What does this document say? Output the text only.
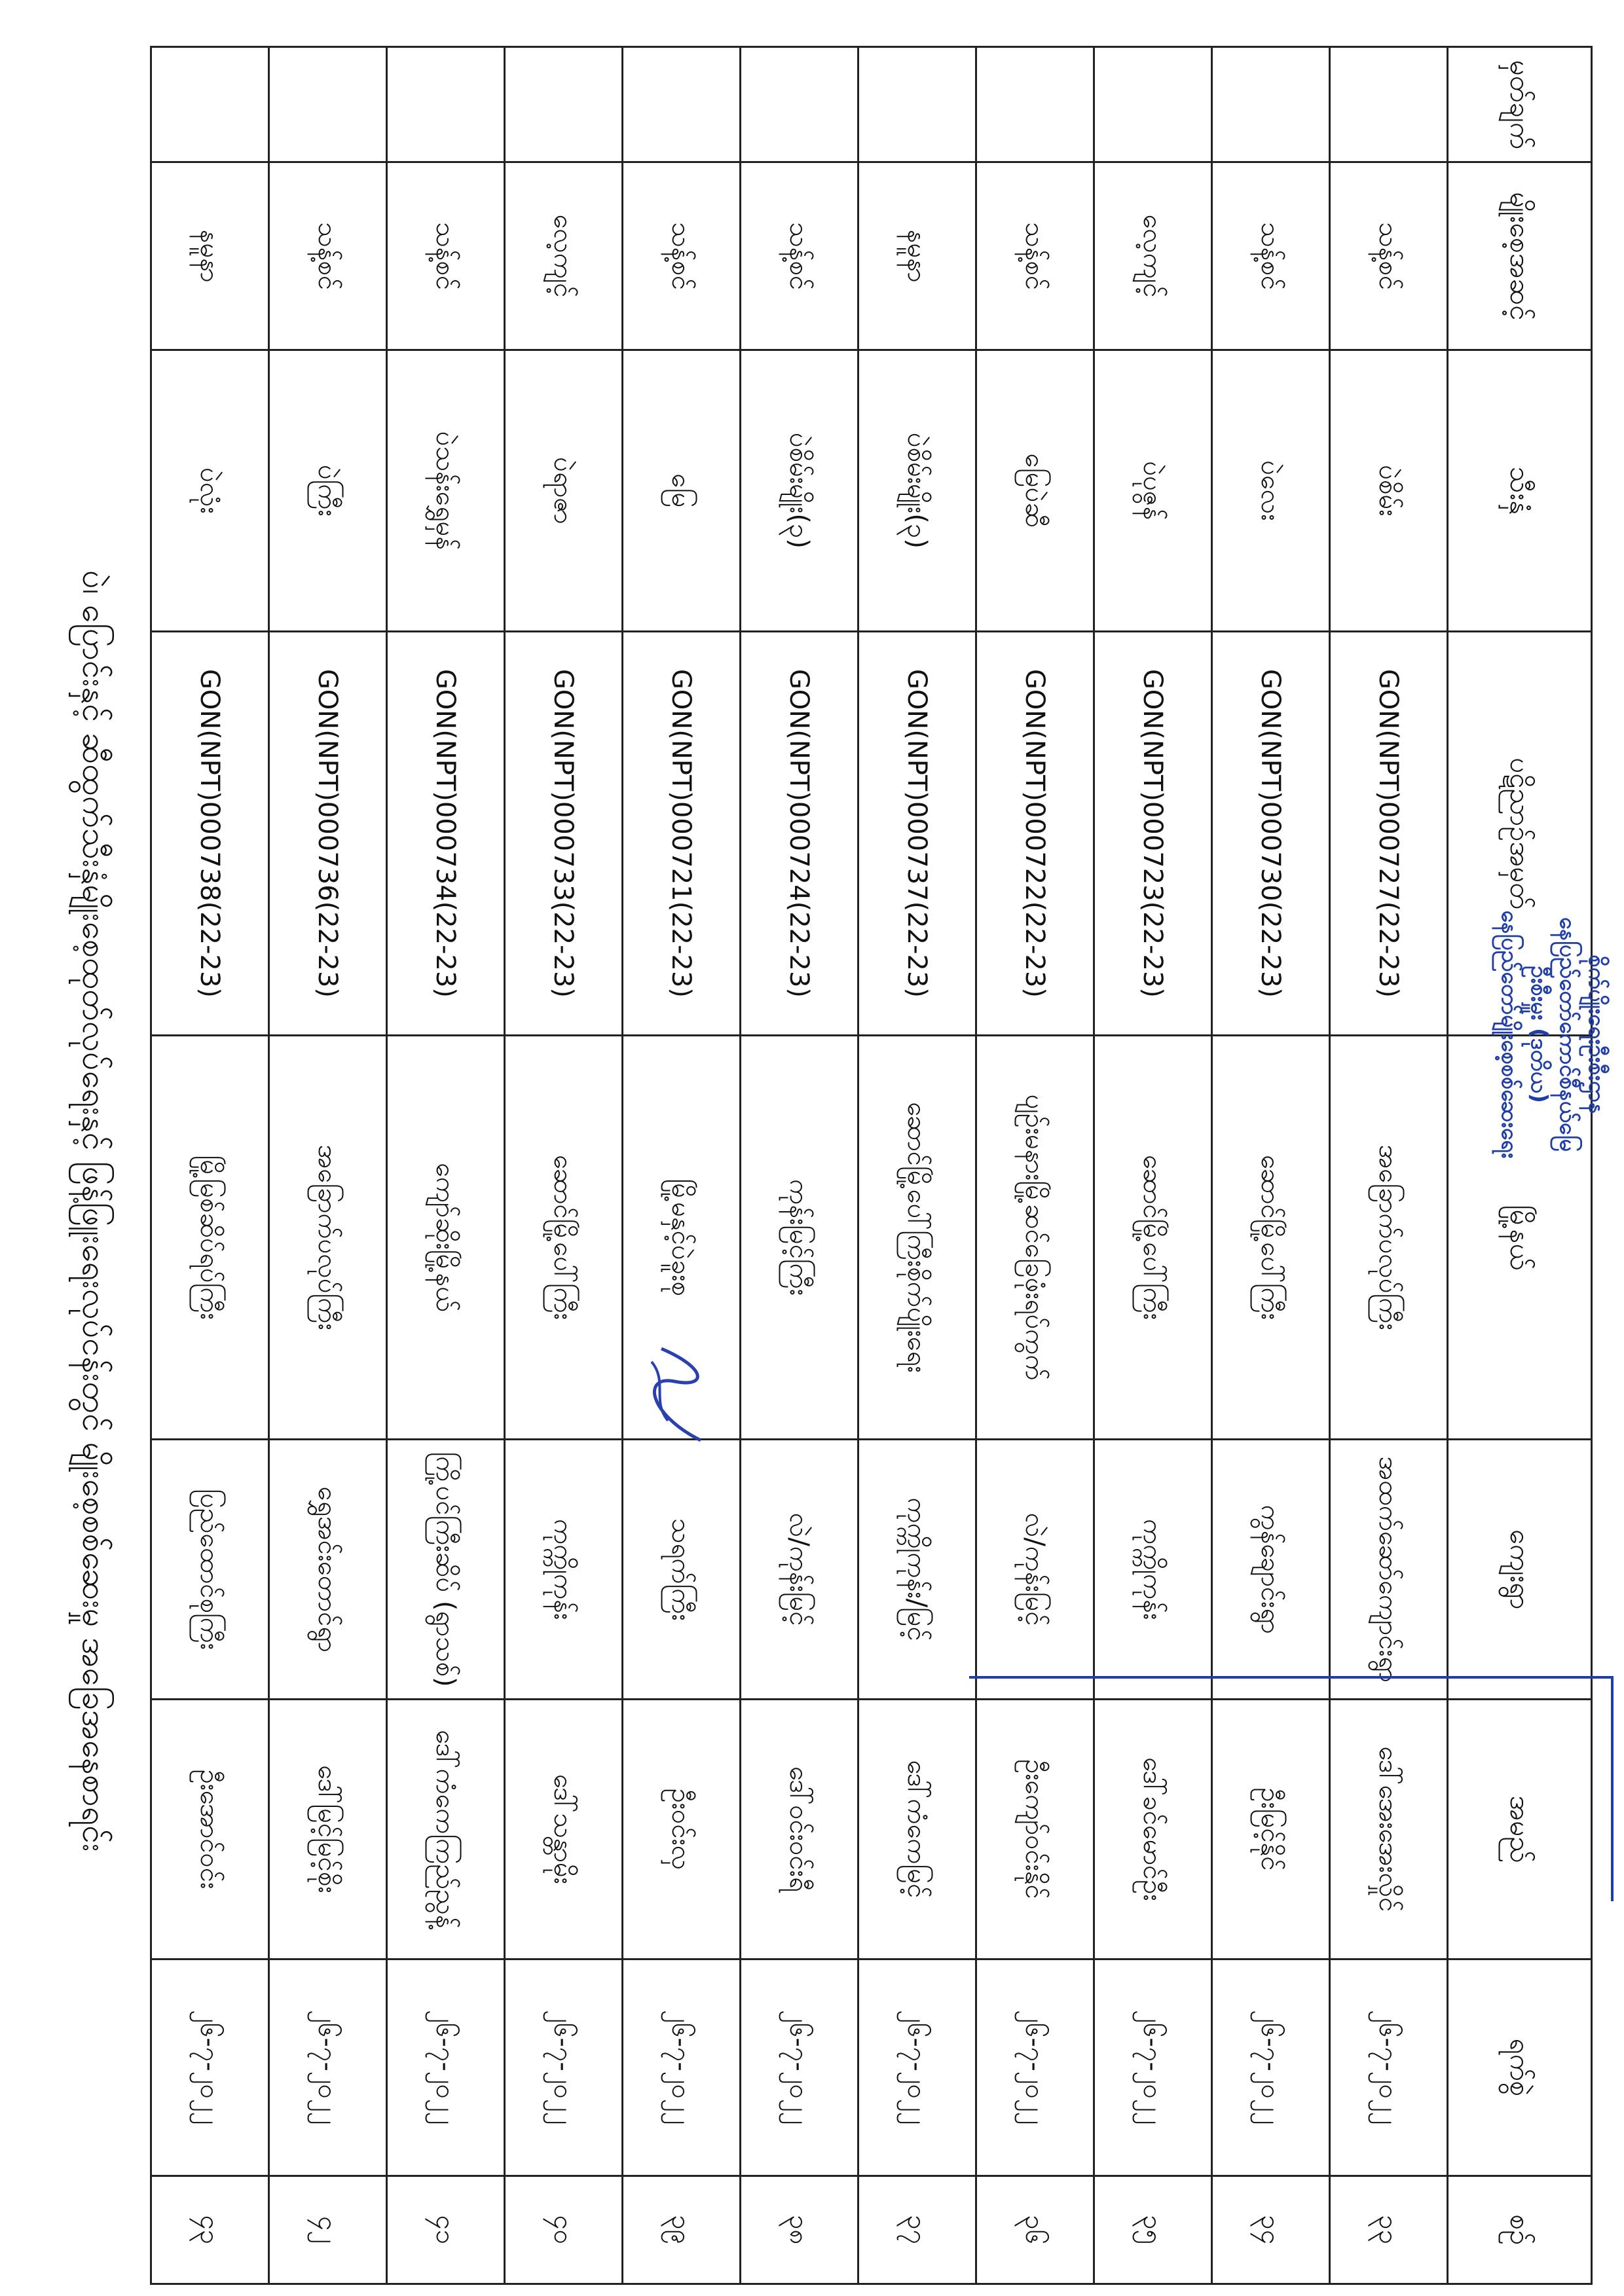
ပဲ၊ ပြောင်းနှင့် ဆီထွက်သီးနှံမျိုးစေ့ထုတ်လုပ်ရေးနှင့် ဖြန့်ဖြူးရေးလုပ်ငန်းတွင် မျိုးစေ့စစ်ဆေးမှု အခြေအနေစာရင်း
မှတ်ချက်	မျိုးစေ့အဆင့်	သီးနှံ	ပဋိညာဉ်အမှတ်	မြို့နယ်	ကျေးရွာ	အမည်	ရက်စွဲ	စဉ်
	သန့်စင်	ပဲစိမ်း	GON(NPT)000727(22-23)	အခြောက်ပလုပ်ကြီး	အထက်ဆော်ကျောင်းရွာ	ဒေါ်အေးအေးလှိုင်	၂၆-၇-၂၀၂၂	၃၃
	သန့်စင်	ပဲလေး	GON(NPT)000730(22-23)	ဆောင်မြို့ပေါ်ကြီး	ကွန်ချောင်းရွာ	ဦးမြင့်နိုင်	၂၆-၇-၂၀၂၂	၃၄
	လေ့ကျင့်	ပဲပုဇွန်	GON(NPT)000723(22-23)	ဆောင်မြို့ပေါ်ကြီး	ကုက္ကိုကုန်း	ဒေါ်ခင်မောင်ဦး	၂၆-၇-၂၀၂၂	၃၅
	သန့်စင်	မြေပဲဆီ	GON(NPT)000722(22-23)	ပျဉ်းမနားမြို့ဆင်ခြေဖုံးရပ်ကွက်	လဲ/ကုန်းမြင့်	ဦးကျော်ဝင်းနိုင်	၂၆-၇-၂၀၂၂	၃၆
	နမူနာ	ပဲစိမ်းမျိုး(၃)	GON(NPT)000737(22-23)	ဆောင်မြို့ပေါ်ကြီးစိုက်ပျိုးရေး	ကုက္ကိုကုန်း/မြင့်	ဒေါ်ကံကေမြင့်	၂၆-၇-၂၀၂၂	၃၇
	သန့်စင်	ပဲစိမ်းမျိုး(၃)	GON(NPT)000724(22-23)	ကုန်းမြင့်ကြီး	လဲ/ကုန်းမြင့်	ဒေါ်ဝင်းဝင်းရီ	၂၆-၇-၂၀၂၂	၃၈
	သန့်စင်	မြေ	GON(NPT)000721(22-23)	မြို့မနှင့်ပဲခူးစု	သရက်ကြီး	ဦးဝင်းလှ	၂၆-၇-၂၀၂၂	၃၉
	လေ့ကျင့်	ပဲရာဇာ	GON(NPT)000733(22-23)	ဆောင်မြို့ပေါ်ကြီး	ကုက္ကိုကုန်း	ဒေါ်သန္တာမိုး	၂၆-၇-၂၀၂၂	၄၀
	သန့်စင်	ပဲသန်းရွှေမှန်	GON(NPT)000734(22-23)	ကျော်ဆိုးမြို့နယ်	ကြို့ပင်ကြီးဆိပ် (ရွာသစ်)	ဒေါ်ကံကေကြည်ညွန့်	၂၆-၇-၂၀၂၂	၄၁
	သန့်စင်	ပဲကြီး	GON(NPT)000736(22-23)	အခြောက်ပလုပ်ကြီး	ရွှေအင်းတောင်ရွာ	ဒေါ်မြင့်မြင့်စိုး	၂၆-၇-၂၀၂၂	၄၂
	နမူနာ	ပဲလုံး	GON(NPT)000738(22-23)	မြို့မြစ်ဆိပ်ရပ်ကြီး	ပြည်ထောင်စုကြီး	ဦးအောင်ဝင်း	၂၆-၇-၂၀၂၂	၄၃
စိုက်ပျိုးရေးဦးစီးဌာန
နေပြည်တော်ကောင်စီနယ်မြေ
ဦးစီးမှူး (ဒုတိယ)
နေပြည်တော်မျိုးစေ့စစ်ဆေးရေး
